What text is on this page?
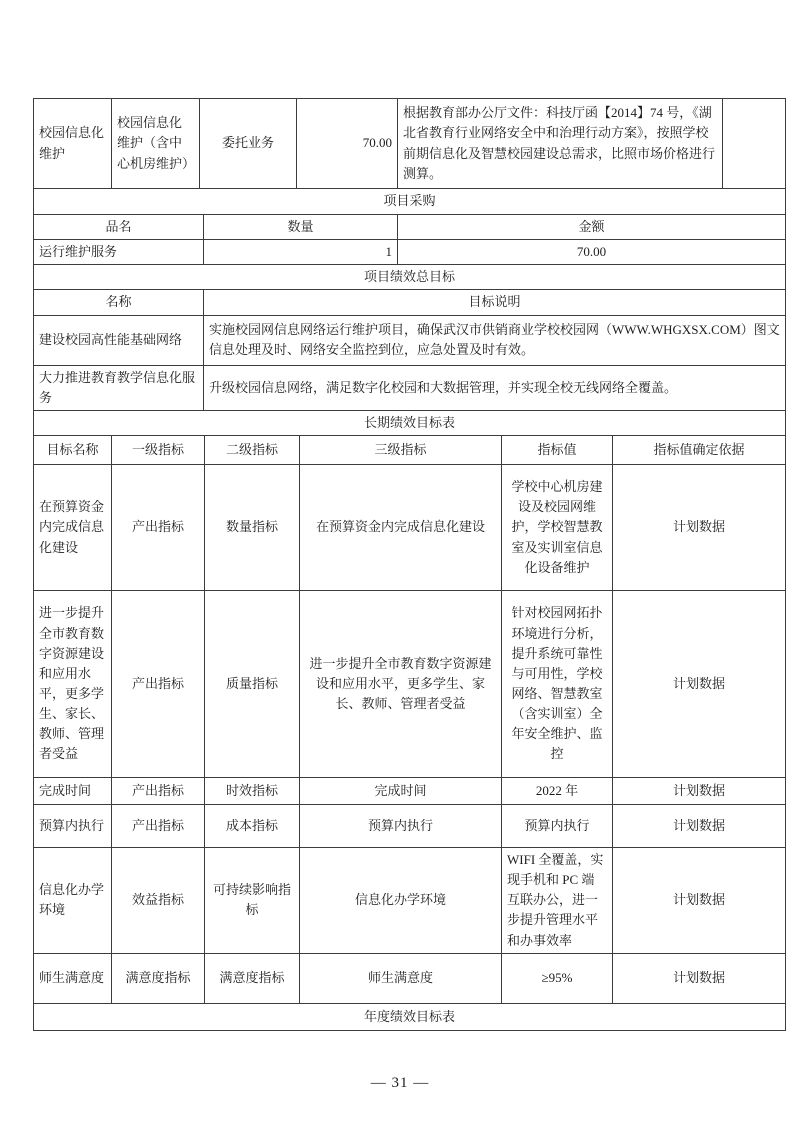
校园信息化维护	校园信息化维护（含中心机房维护）	委托业务	70.00	根据教育部办公厅文件：科技厅函【2014】74 号，《湖北省教育行业网络安全中和治理行动方案》，按照学校前期信息化及智慧校园建设总需求，比照市场价格进行测算。	
项目采购		
品名	数量	金额
运行维护服务	1	70.00
项目绩效总目标	
名称	目标说明
建设校园高性能基础网络	实施校园网信息网络运行维护项目，确保武汉市供销商业学校校园网（WWW.WHGXSX.COM）图文信息处理及时、网络安全监控到位，应急处置及时有效。
大力推进教育教学信息化服务	升级校园信息网络，满足数字化校园和大数据管理，并实现全校无线网络全覆盖。
长期绩效目标表					
目标名称	一级指标	二级指标	三级指标	指标值	指标值确定依据
在预算资金内完成信息化建设	产出指标	数量指标	在预算资金内完成信息化建设	学校中心机房建设及校园网维护，学校智慧教室及实训室信息化设备维护	计划数据
进一步提升全市教育数字资源建设和应用水平，更多学生、家长、教师、管理者受益	产出指标	质量指标	进一步提升全市教育数字资源建设和应用水平，更多学生、家长、教师、管理者受益	针对校园网拓扑环境进行分析，提升系统可靠性与可用性，学校网络、智慧教室（含实训室）全年安全维护、监控	计划数据
完成时间	产出指标	时效指标	完成时间	2022 年	计划数据
预算内执行	产出指标	成本指标	预算内执行	预算内执行	计划数据
信息化办学环境	效益指标	可持续影响指标	信息化办学环境	WIFI 全覆盖，实现手机和 PC 端互联办公，进一步提升管理水平和办事效率	计划数据
师生满意度	满意度指标	满意度指标	师生满意度	≥95%	计划数据
年度绩效目标表					
— 31 —
